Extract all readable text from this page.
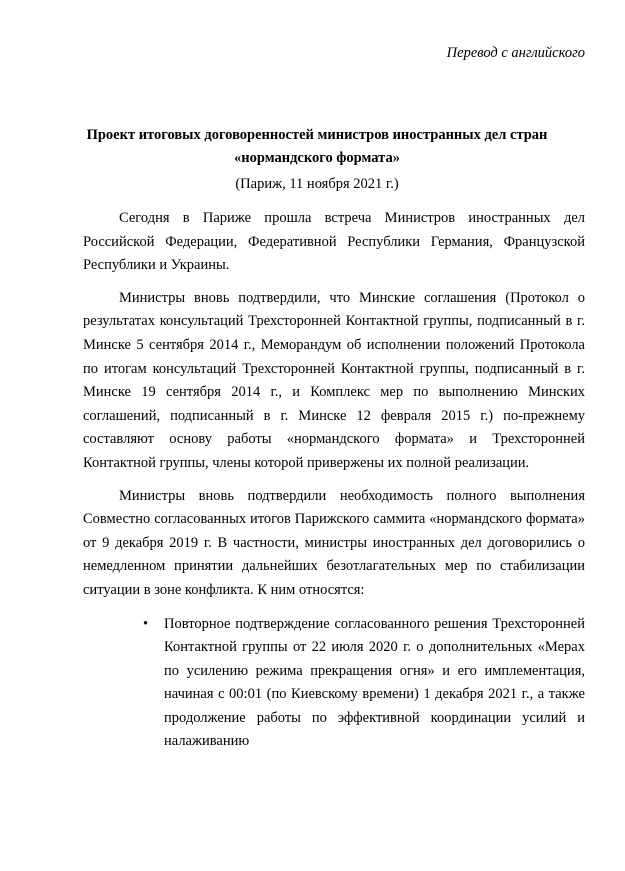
Перевод с английского
Проект итоговых договоренностей министров иностранных дел стран «нормандского формата»
(Париж, 11 ноября 2021 г.)

Сегодня в Париже прошла встреча Министров иностранных дел Российской Федерации, Федеративной Республики Германия, Французской Республики и Украины.

Министры вновь подтвердили, что Минские соглашения (Протокол о результатах консультаций Трехсторонней Контактной группы, подписанный в г. Минске 5 сентября 2014 г., Меморандум об исполнении положений Протокола по итогам консультаций Трехсторонней Контактной группы, подписанный в г. Минске 19 сентября 2014 г., и Комплекс мер по выполнению Минских соглашений, подписанный в г. Минске 12 февраля 2015 г.) по-прежнему составляют основу работы «нормандского формата» и Трехсторонней Контактной группы, члены которой привержены их полной реализации.

Министры вновь подтвердили необходимость полного выполнения Совместно согласованных итогов Парижского саммита «нормандского формата» от 9 декабря 2019 г. В частности, министры иностранных дел договорились о немедленном принятии дальнейших безотлагательных мер по стабилизации ситуации в зоне конфликта. К ним относятся:

• Повторное подтверждение согласованного решения Трехсторонней Контактной группы от 22 июля 2020 г. о дополнительных «Мерах по усилению режима прекращения огня» и его имплементация, начиная с 00:01 (по Киевскому времени) 1 декабря 2021 г., а также продолжение работы по эффективной координации усилий и налаживанию
